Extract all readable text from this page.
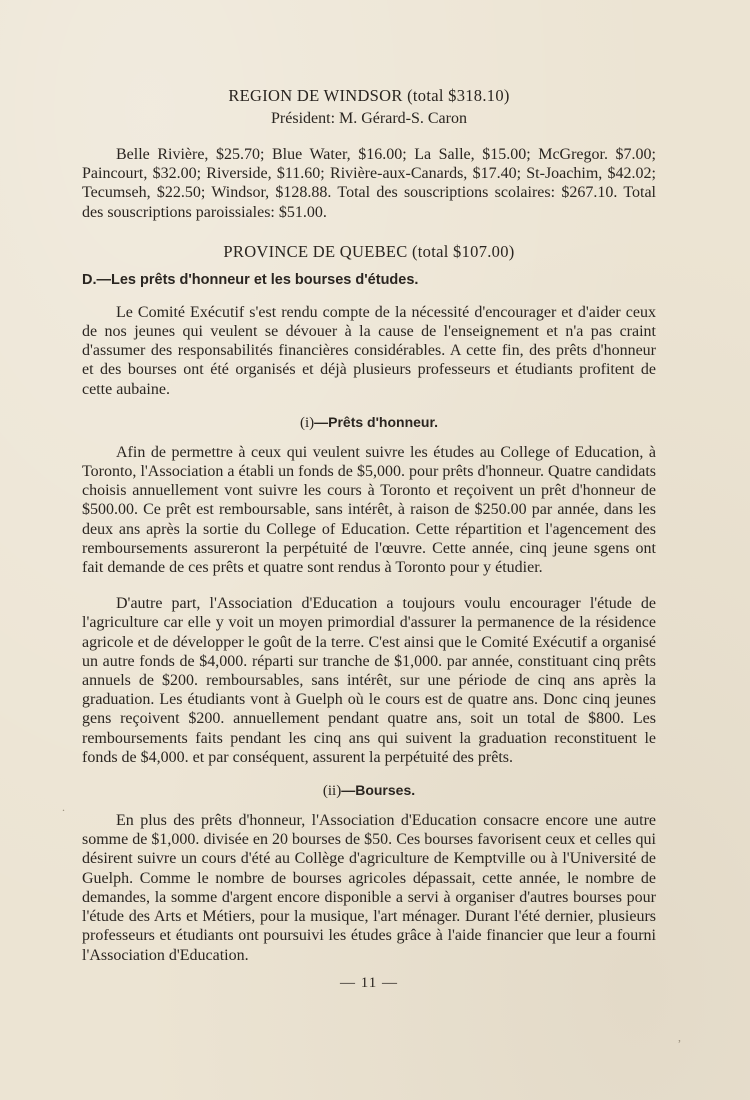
REGION DE WINDSOR (total $318.10)

Président: M. Gérard-S. Caron

Belle Rivière, $25.70; Blue Water, $16.00; La Salle, $15.00; McGregor. $7.00; Paincourt, $32.00; Riverside, $11.60; Rivière-aux-Canards, $17.40; St-Joachim, $42.02; Tecumseh, $22.50; Windsor, $128.88. Total des souscriptions scolaires: $267.10. Total des souscriptions paroissiales: $51.00.

PROVINCE DE QUEBEC (total $107.00)

D.—Les prêts d'honneur et les bourses d'études.

Le Comité Exécutif s'est rendu compte de la nécessité d'encourager et d'aider ceux de nos jeunes qui veulent se dévouer à la cause de l'enseignement et n'a pas craint d'assumer des responsabilités financières considérables. A cette fin, des prêts d'honneur et des bourses ont été organisés et déjà plusieurs professeurs et étudiants profitent de cette aubaine.

(i)—Prêts d'honneur.

Afin de permettre à ceux qui veulent suivre les études au College of Education, à Toronto, l'Association a établi un fonds de $5,000. pour prêts d'honneur. Quatre candidats choisis annuellement vont suivre les cours à Toronto et reçoivent un prêt d'honneur de $500.00. Ce prêt est remboursable, sans intérêt, à raison de $250.00 par année, dans les deux ans après la sortie du College of Education. Cette répartition et l'agencement des remboursements assureront la perpétuité de l'œuvre. Cette année, cinq jeune sgens ont fait demande de ces prêts et quatre sont rendus à Toronto pour y étudier.

D'autre part, l'Association d'Education a toujours voulu encourager l'étude de l'agriculture car elle y voit un moyen primordial d'assurer la permanence de la résidence agricole et de développer le goût de la terre. C'est ainsi que le Comité Exécutif a organisé un autre fonds de $4,000. réparti sur tranche de $1,000. par année, constituant cinq prêts annuels de $200. remboursables, sans intérêt, sur une période de cinq ans après la graduation. Les étudiants vont à Guelph où le cours est de quatre ans. Donc cinq jeunes gens reçoivent $200. annuellement pendant quatre ans, soit un total de $800. Les remboursements faits pendant les cinq ans qui suivent la graduation reconstituent le fonds de $4,000. et par conséquent, assurent la perpétuité des prêts.

(ii)—Bourses.

En plus des prêts d'honneur, l'Association d'Education consacre encore une autre somme de $1,000. divisée en 20 bourses de $50. Ces bourses favorisent ceux et celles qui désirent suivre un cours d'été au Collège d'agriculture de Kemptville ou à l'Université de Guelph. Comme le nombre de bourses agricoles dépassait, cette année, le nombre de demandes, la somme d'argent encore disponible a servi à organiser d'autres bourses pour l'étude des Arts et Métiers, pour la musique, l'art ménager. Durant l'été dernier, plusieurs professeurs et étudiants ont poursuivi les études grâce à l'aide financier que leur a fourni l'Association d'Education.

— 11 —

.
,
